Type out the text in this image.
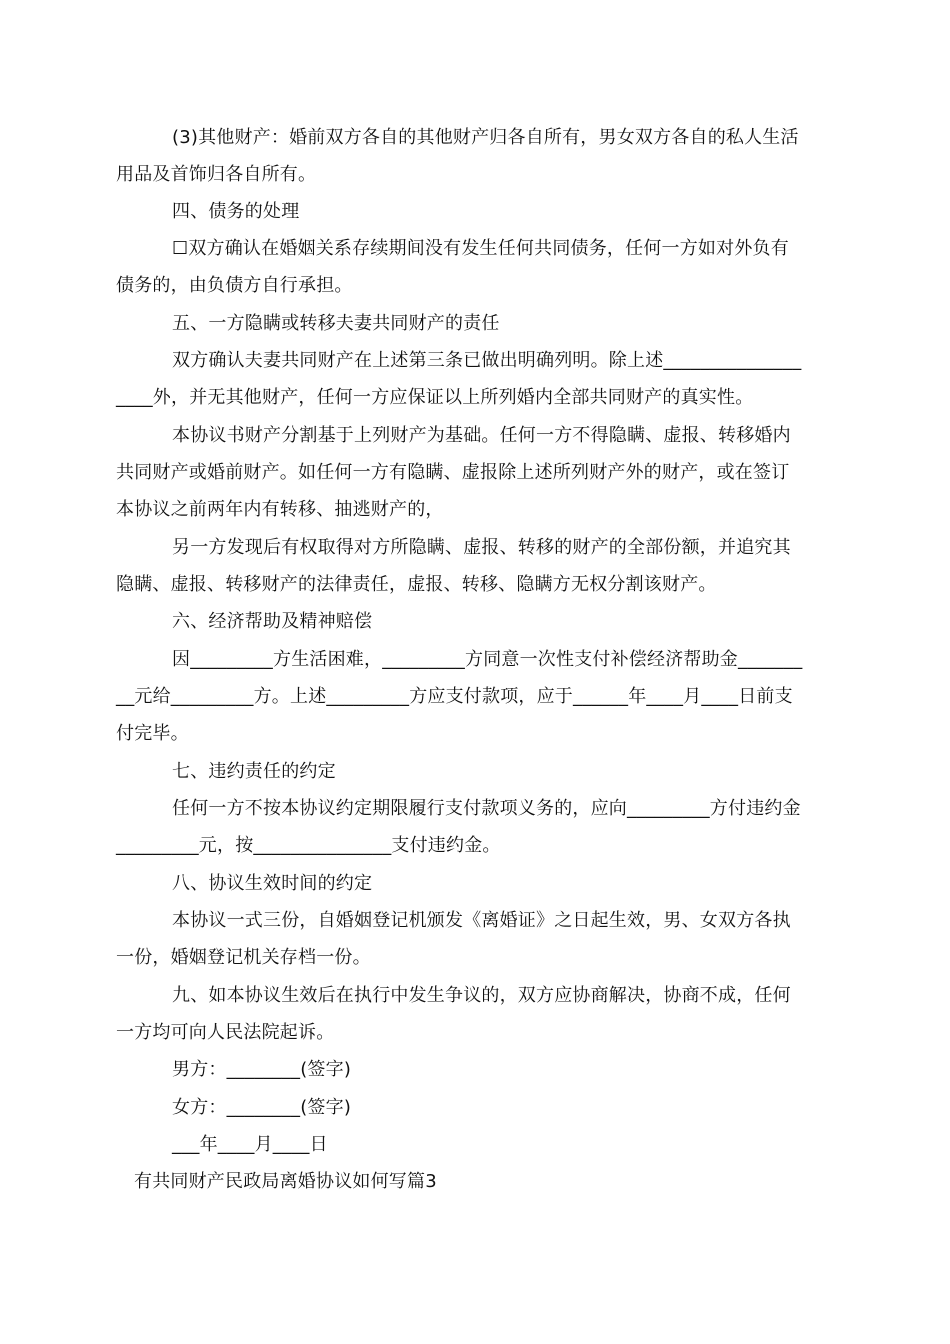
(3)其他财产：婚前双方各自的其他财产归各自所有，男女双方各自的私人生活
用品及首饰归各自所有。
四、债务的处理
☐双方确认在婚姻关系存续期间没有发生任何共同债务，任何一方如对外负有
债务的，由负债方自行承担。
五、一方隐瞒或转移夫妻共同财产的责任
双方确认夫妻共同财产在上述第三条已做出明确列明。除上述_______________
____外，并无其他财产，任何一方应保证以上所列婚内全部共同财产的真实性。
本协议书财产分割基于上列财产为基础。任何一方不得隐瞒、虚报、转移婚内
共同财产或婚前财产。如任何一方有隐瞒、虚报除上述所列财产外的财产，或在签订
本协议之前两年内有转移、抽逃财产的，
另一方发现后有权取得对方所隐瞒、虚报、转移的财产的全部份额，并追究其
隐瞒、虚报、转移财产的法律责任，虚报、转移、隐瞒方无权分割该财产。
六、经济帮助及精神赔偿
因_________方生活困难，_________方同意一次性支付补偿经济帮助金_______
__元给_________方。上述_________方应支付款项，应于______年____月____日前支
付完毕。
七、违约责任的约定
任何一方不按本协议约定期限履行支付款项义务的，应向_________方付违约金
_________元，按_______________支付违约金。
八、协议生效时间的约定
本协议一式三份，自婚姻登记机颁发《离婚证》之日起生效，男、女双方各执
一份，婚姻登记机关存档一份。
九、如本协议生效后在执行中发生争议的，双方应协商解决，协商不成，任何
一方均可向人民法院起诉。
男方：________(签字)
女方：________(签字)
___年____月____日
有共同财产民政局离婚协议如何写篇3
